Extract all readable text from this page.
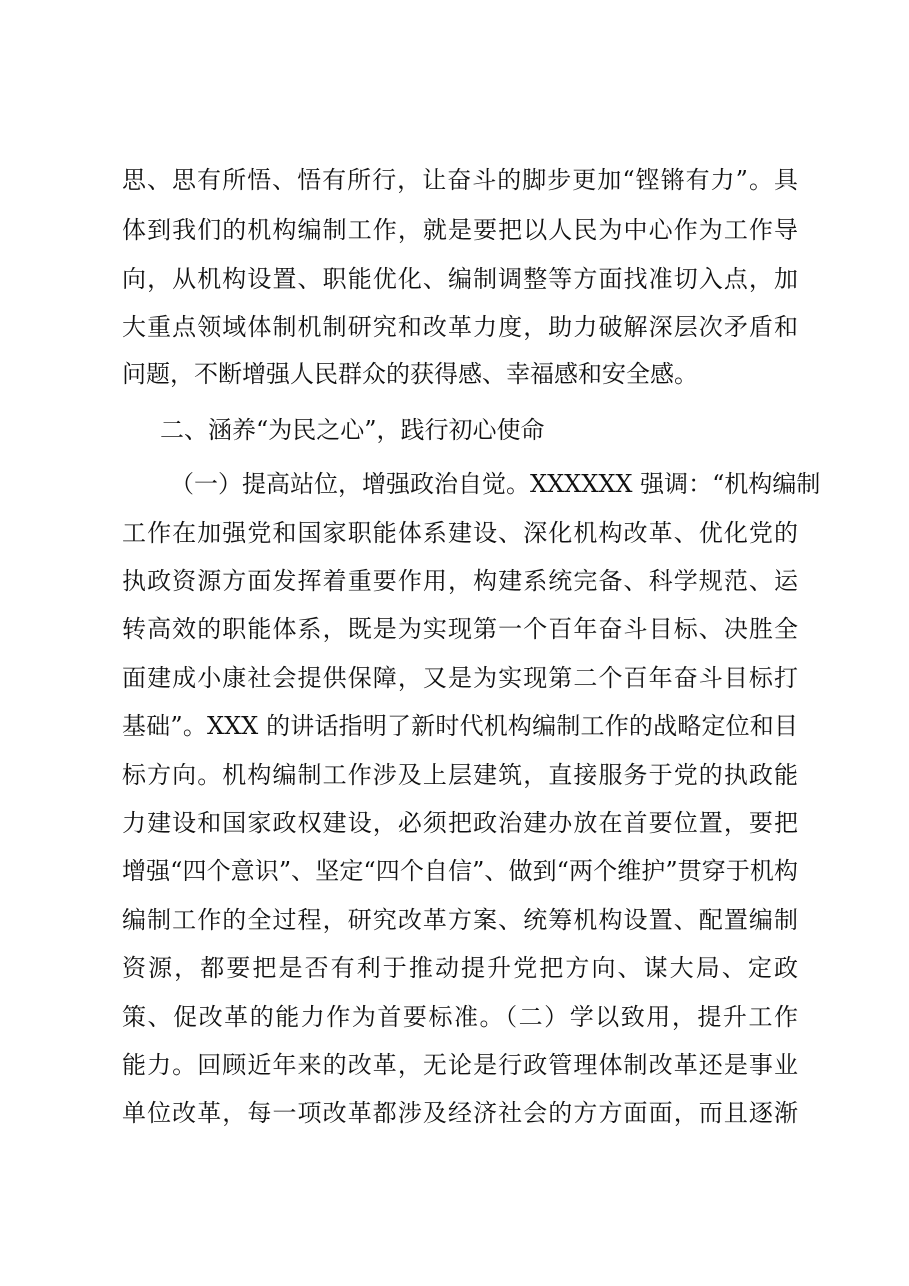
思、思有所悟、悟有所行，让奋斗的脚步更加“铿锵有力”。具
体到我们的机构编制工作，就是要把以人民为中心作为工作导
向，从机构设置、职能优化、编制调整等方面找准切入点，加
大重点领域体制机制研究和改革力度，助力破解深层次矛盾和
问题，不断增强人民群众的获得感、幸福感和安全感。
二、涵养“为民之心”，践行初心使命
（一）提高站位，增强政治自觉。XXXXXX 强调：“机构编制
工作在加强党和国家职能体系建设、深化机构改革、优化党的
执政资源方面发挥着重要作用，构建系统完备、科学规范、运
转高效的职能体系，既是为实现第一个百年奋斗目标、决胜全
面建成小康社会提供保障，又是为实现第二个百年奋斗目标打
基础”。XXX 的讲话指明了新时代机构编制工作的战略定位和目
标方向。机构编制工作涉及上层建筑，直接服务于党的执政能
力建设和国家政权建设，必须把政治建办放在首要位置，要把
增强“四个意识”、坚定“四个自信”、做到“两个维护”贯穿于机构
编制工作的全过程，研究改革方案、统筹机构设置、配置编制
资源，都要把是否有利于推动提升党把方向、谋大局、定政
策、促改革的能力作为首要标准。（二）学以致用，提升工作
能力。回顾近年来的改革，无论是行政管理体制改革还是事业
单位改革，每一项改革都涉及经济社会的方方面面，而且逐渐
